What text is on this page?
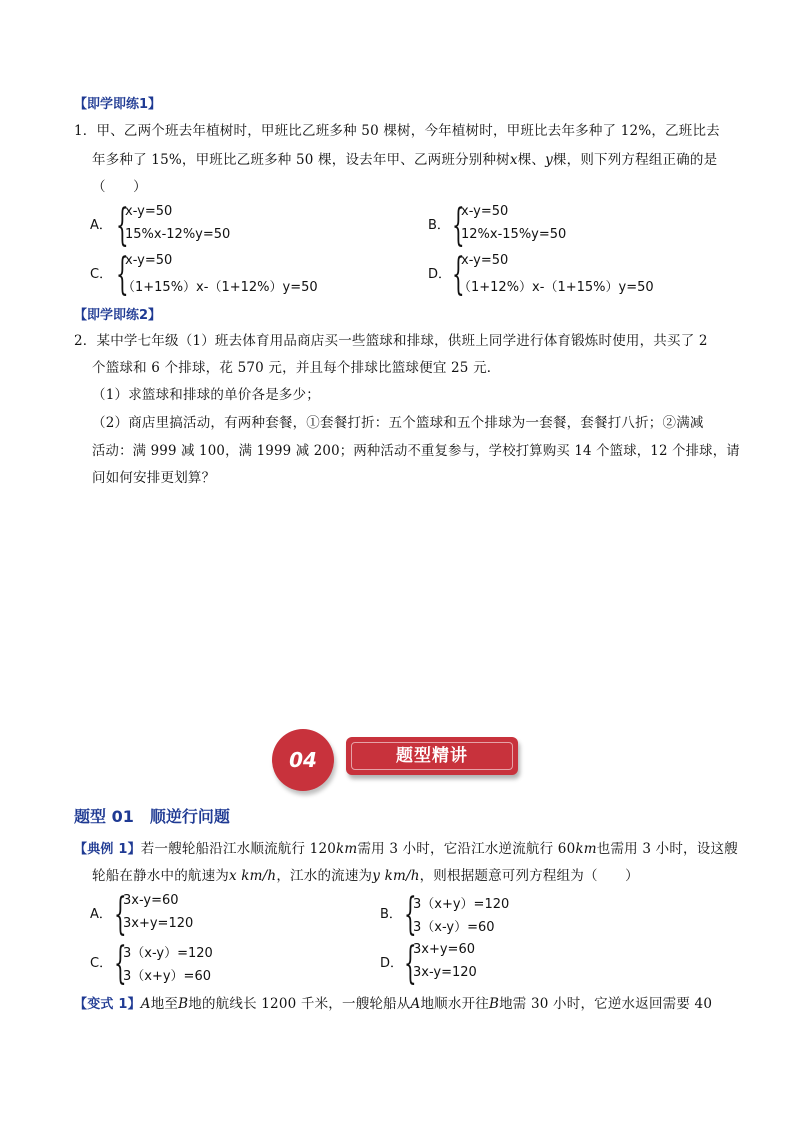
【即学即练1】
1．甲、乙两个班去年植树时，甲班比乙班多种 50 棵树，今年植树时，甲班比去年多种了 12%，乙班比去
年多种了 15%，甲班比乙班多种 50 棵，设去年甲、乙两班分别种树x棵、y棵，则下列方程组正确的是
（　　）
A． {
x-y=50
15%x-12%y=50
B． {
x-y=50
12%x-15%y=50
C． {
x-y=50
（1+15%）x-（1+12%）y=50
D． {
x-y=50
（1+12%）x-（1+15%）y=50
【即学即练2】
2．某中学七年级（1）班去体育用品商店买一些篮球和排球，供班上同学进行体育锻炼时使用，共买了 2
个篮球和 6 个排球，花 570 元，并且每个排球比篮球便宜 25 元．
（1）求篮球和排球的单价各是多少；
（2）商店里搞活动，有两种套餐，①套餐打折：五个篮球和五个排球为一套餐，套餐打八折；②满减
活动：满 999 减 100，满 1999 减 200；两种活动不重复参与，学校打算购买 14 个篮球，12 个排球，请
问如何安排更划算？
题型精讲
04
题型 01　顺逆行问题
【典例 1】若一艘轮船沿江水顺流航行 120km需用 3 小时，它沿江水逆流航行 60km也需用 3 小时，设这艘
轮船在静水中的航速为x km/h，江水的流速为y km/h，则根据题意可列方程组为（　　）
A． {
3x-y=60
3x+y=120
B． {
3（x+y）=120
3（x-y）=60
C． {
3（x-y）=120
3（x+y）=60
D． {
3x+y=60
3x-y=120
【变式 1】A地至B地的航线长 1200 千米，一艘轮船从A地顺水开往B地需 30 小时，它逆水返回需要 40
